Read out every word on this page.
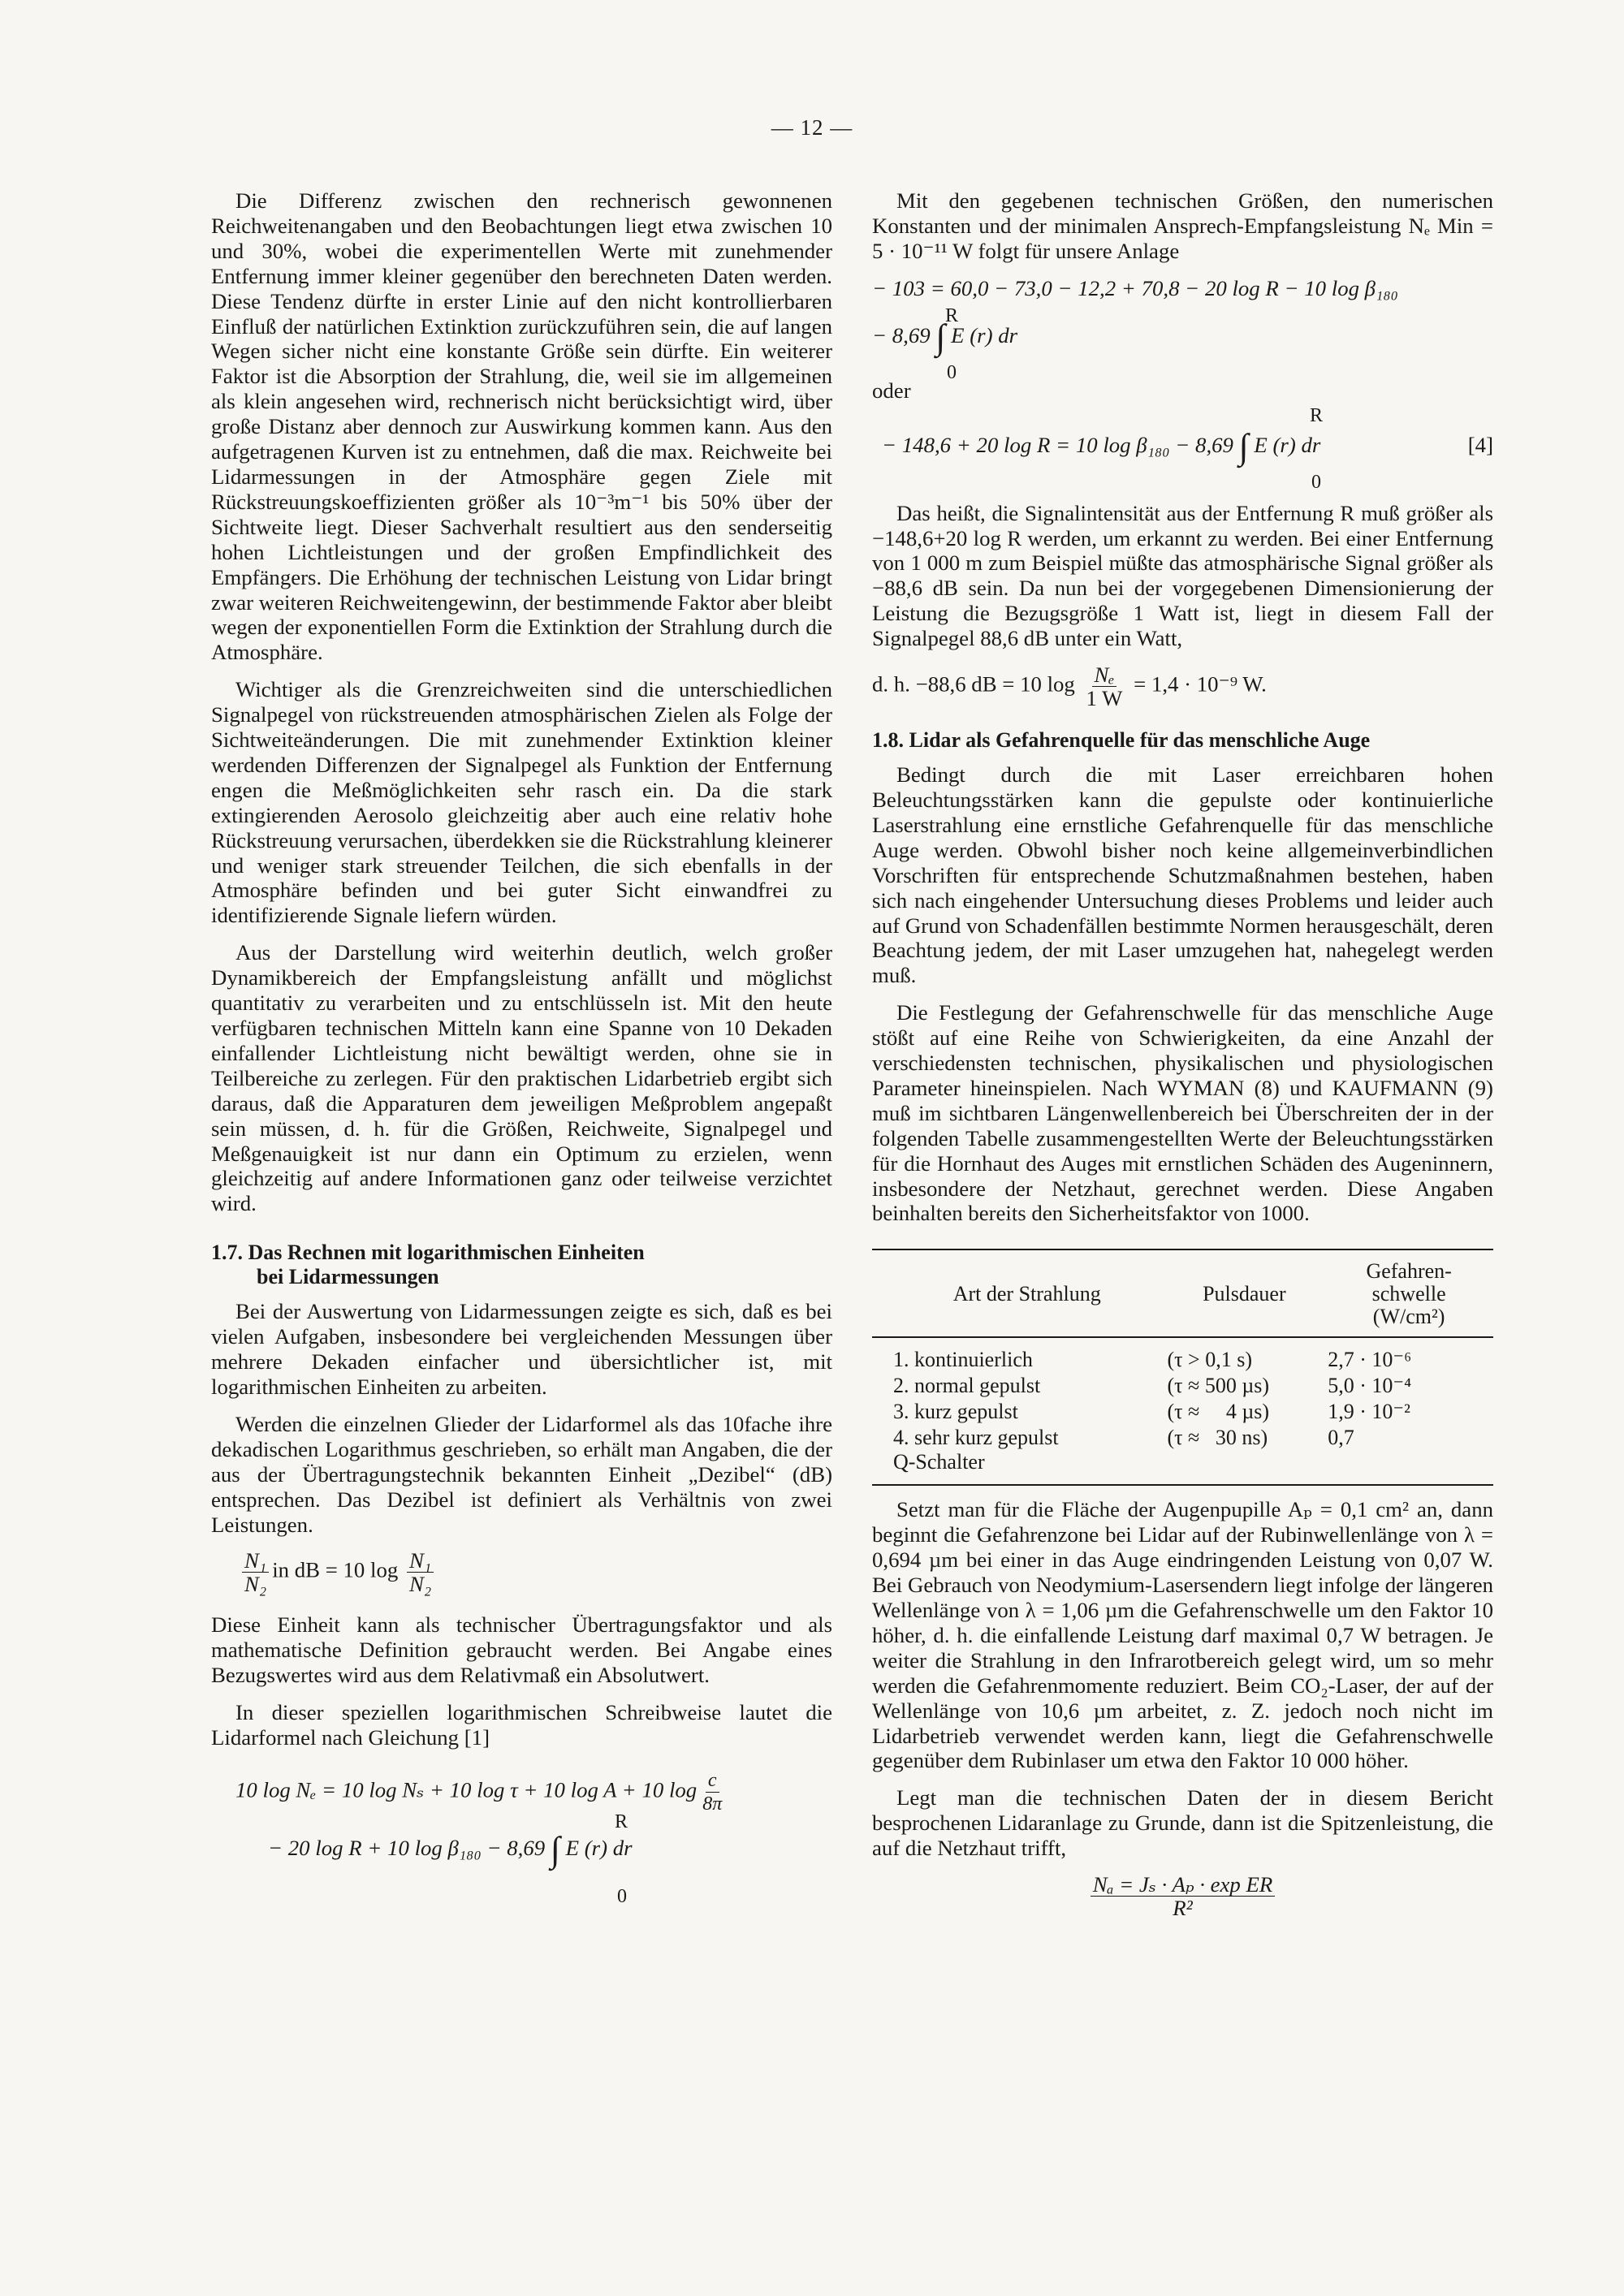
— 12 —

Die Differenz zwischen den rechnerisch gewonnenen Reichweitenangaben und den Beobachtungen liegt etwa zwischen 10 und 30%, wobei die experimentellen Werte mit zunehmender Entfernung immer kleiner gegenüber den berechneten Daten werden. Diese Tendenz dürfte in erster Linie auf den nicht kontrollierbaren Einfluß der natürlichen Extinktion zurückzuführen sein, die auf langen Wegen sicher nicht eine konstante Größe sein dürfte. Ein weiterer Faktor ist die Absorption der Strahlung, die, weil sie im allgemeinen als klein angesehen wird, rechnerisch nicht berücksichtigt wird, über große Distanz aber dennoch zur Auswirkung kommen kann. Aus den aufgetragenen Kurven ist zu entnehmen, daß die max. Reichweite bei Lidarmessungen in der Atmosphäre gegen Ziele mit Rückstreuungskoeffizienten größer als 10⁻³m⁻¹ bis 50% über der Sichtweite liegt. Dieser Sachverhalt resultiert aus den senderseitig hohen Lichtleistungen und der großen Empfindlichkeit des Empfängers. Die Erhöhung der technischen Leistung von Lidar bringt zwar weiteren Reichweitengewinn, der bestimmende Faktor aber bleibt wegen der exponentiellen Form die Extinktion der Strahlung durch die Atmosphäre.

Wichtiger als die Grenzreichweiten sind die unterschiedlichen Signalpegel von rückstreuenden atmosphärischen Zielen als Folge der Sichtweiteänderungen. Die mit zunehmender Extinktion kleiner werdenden Differenzen der Signalpegel als Funktion der Entfernung engen die Meßmöglichkeiten sehr rasch ein. Da die stark extingierenden Aerosolo gleichzeitig aber auch eine relativ hohe Rückstreuung verursachen, überdekken sie die Rückstrahlung kleinerer und weniger stark streuender Teilchen, die sich ebenfalls in der Atmosphäre befinden und bei guter Sicht einwandfrei zu identifizierende Signale liefern würden.

Aus der Darstellung wird weiterhin deutlich, welch großer Dynamikbereich der Empfangsleistung anfällt und möglichst quantitativ zu verarbeiten und zu entschlüsseln ist. Mit den heute verfügbaren technischen Mitteln kann eine Spanne von 10 Dekaden einfallender Lichtleistung nicht bewältigt werden, ohne sie in Teilbereiche zu zerlegen. Für den praktischen Lidarbetrieb ergibt sich daraus, daß die Apparaturen dem jeweiligen Meßproblem angepaßt sein müssen, d. h. für die Größen, Reichweite, Signalpegel und Meßgenauigkeit ist nur dann ein Optimum zu erzielen, wenn gleichzeitig auf andere Informationen ganz oder teilweise verzichtet wird.

1.7. Das Rechnen mit logarithmischen Einheiten
bei Lidarmessungen

Bei der Auswertung von Lidarmessungen zeigte es sich, daß es bei vielen Aufgaben, insbesondere bei vergleichenden Messungen über mehrere Dekaden einfacher und übersichtlicher ist, mit logarithmischen Einheiten zu arbeiten.

Werden die einzelnen Glieder der Lidarformel als das 10fache ihre dekadischen Logarithmus geschrieben, so erhält man Angaben, die der aus der Übertragungstechnik bekannten Einheit „Dezibel“ (dB) entsprechen. Das Dezibel ist definiert als Verhältnis von zwei Leistungen.

$\frac{\text{N₁}}{\text{N₂}}$ in dB = 10 $\log \frac{\text{N₁}}{\text{N₂}}$

Diese Einheit kann als technischer Übertragungsfaktor und als mathematische Definition gebraucht werden. Bei Angabe eines Bezugswertes wird aus dem Relativmaß ein Absolutwert.

In dieser speziellen logarithmischen Schreibweise lautet die Lidarformel nach Gleichung [1]

10 log Nₑ = 10 log Nₛ + 10 log τ + 10 log A + 10 $\log \frac{c}{8\pi}$
R
− 20 log R + 10 log β₁₈₀ − 8,69 ∫ E (r) dr
0

Mit den gegebenen technischen Größen, den numerischen Konstanten und der minimalen Ansprech-Empfangsleistung Nₑ Min = 5 · 10⁻¹¹ W folgt für unsere Anlage

− 103 = 60,0 − 73,0 − 12,2 + 70,8 − 20 log R − 10 log β₁₈₀
R
− 8,69 ∫ E (r) dr
0
oder
R
− 148,6 + 20 log R = 10 log β₁₈₀ − 8,69 ∫ E (r) dr	[4]
0

Das heißt, die Signalintensität aus der Entfernung R muß größer als −148,6+20 log R werden, um erkannt zu werden. Bei einer Entfernung von 1 000 m zum Beispiel müßte das atmosphärische Signal größer als −88,6 dB sein. Da nun bei der vorgegebenen Dimensionierung der Leistung die Bezugsgröße 1 Watt ist, liegt in diesem Fall der Signalpegel 88,6 dB unter ein Watt,

d. h. −88,6 dB = 10 $\log \frac{\text{Nₑ}}{1 W} = 1,4 \cdot 10^{-9}$ W.
1.8. Lidar als Gefahrenquelle für das menschliche Auge

Bedingt durch die mit Laser erreichbaren hohen Beleuchtungsstärken kann die gepulste oder kontinuierliche Laserstrahlung eine ernstliche Gefahrenquelle für das menschliche Auge werden. Obwohl bisher noch keine allgemeinverbindlichen Vorschriften für entsprechende Schutzmaßnahmen bestehen, haben sich nach eingehender Untersuchung dieses Problems und leider auch auf Grund von Schadenfällen bestimmte Normen herausgeschält, deren Beachtung jedem, der mit Laser umzugehen hat, nahegelegt werden muß.

Die Festlegung der Gefahrenschwelle für das menschliche Auge stößt auf eine Reihe von Schwierigkeiten, da eine Anzahl der verschiedensten technischen, physikalischen und physiologischen Parameter hineinspielen. Nach WYMAN (8) und KAUFMANN (9) muß im sichtbaren Längenwellenbereich bei Überschreiten der in der folgenden Tabelle zusammengestellten Werte der Beleuchtungsstärken für die Hornhaut des Auges mit ernstlichen Schäden des Augeninnern, insbesondere der Netzhaut, gerechnet werden. Diese Angaben beinhalten bereits den Sicherheitsfaktor von 1000.

Art der Strahlung	Pulsdauer	Gefahren-
schwelle
(W/cm²)
1. kontinuierlich	(τ > 0,1 s)	2,7 · 10⁻⁶
2. normal gepulst	(τ ≈ 500 µs)	5,0 · 10⁻⁴
3. kurz gepulst	(τ ≈     4 µs)	1,9 · 10⁻²
4. sehr kurz gepulst
Q-Schalter	(τ ≈   30 ns)	0,7

Setzt man für die Fläche der Augenpupille Aₚ = 0,1 cm² an, dann beginnt die Gefahrenzone bei Lidar auf der Rubinwellenlänge von λ = 0,694 µm bei einer in das Auge eindringenden Leistung von 0,07 W. Bei Gebrauch von Neodymium-Lasersendern liegt infolge der längeren Wellenlänge von λ = 1,06 µm die Gefahrenschwelle um den Faktor 10 höher, d. h. die einfallende Leistung darf maximal 0,7 W betragen. Je weiter die Strahlung in den Infrarotbereich gelegt wird, um so mehr werden die Gefahrenmomente reduziert. Beim CO₂-Laser, der auf der Wellenlänge von 10,6 µm arbeitet, z. Z. jedoch noch nicht im Lidarbetrieb verwendet werden kann, liegt die Gefahrenschwelle gegenüber dem Rubinlaser um etwa den Faktor 10 000 höher.

Legt man die technischen Daten der in diesem Bericht besprochenen Lidaranlage zu Grunde, dann ist die Spitzenleistung, die auf die Netzhaut trifft,

$\frac{\text{Nₐ = Jₛ · Aₚ · exp ER}}{\text{R²}}$
